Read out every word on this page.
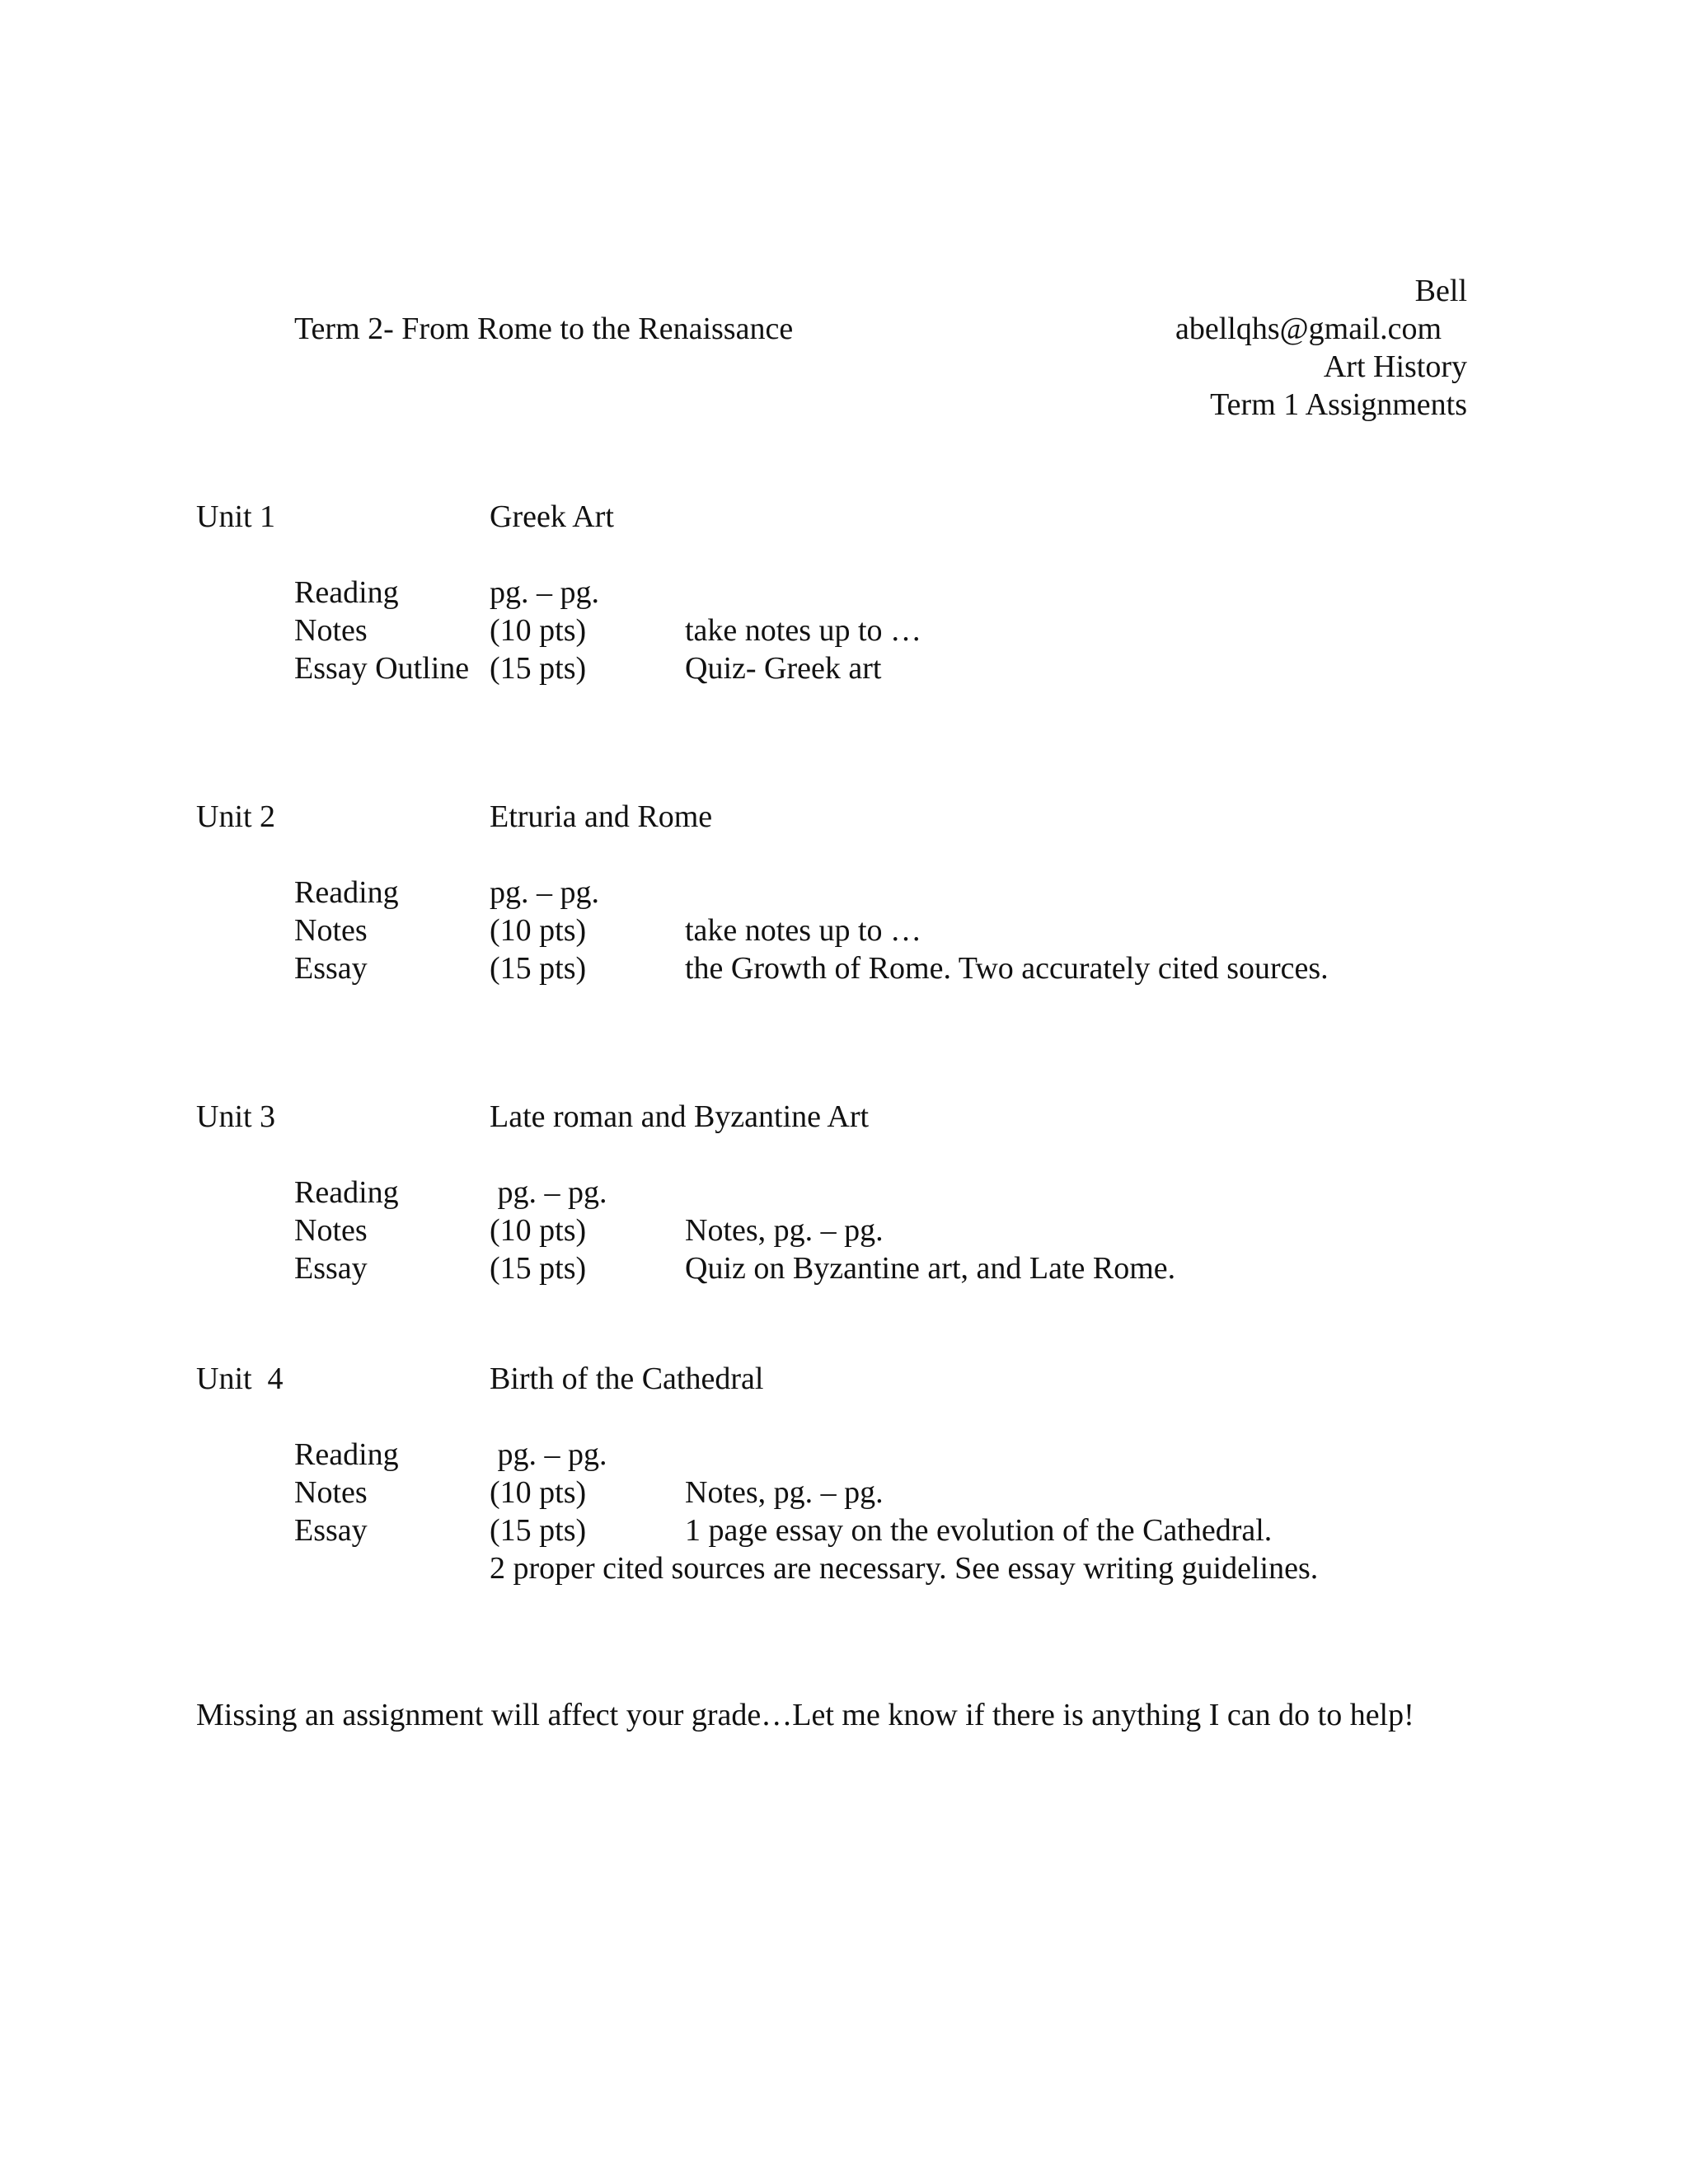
Term 2- From Rome to the Renaissance
Bell
abellqhs@gmail.com
Art History
Term 1 Assignments
Unit 1	Greek Art
Reading	pg. – pg.
Notes	(10 pts)	take notes up to …
Essay Outline (15 pts)	Quiz- Greek art
Unit 2	Etruria and Rome
Reading	pg. – pg.
Notes	(10 pts)	take notes up to …
Essay	(15 pts)	the Growth of Rome. Two accurately cited sources.
Unit 3	Late roman and Byzantine Art
Reading	pg. – pg.
Notes	(10 pts)	Notes, pg. – pg.
Essay	(15 pts)	Quiz on Byzantine art, and Late Rome.
Unit  4	Birth of the Cathedral
Reading	pg. – pg.
Notes	(10 pts)	Notes, pg. – pg.
Essay	(15 pts)	1 page essay on the evolution of the Cathedral.
2 proper cited sources are necessary. See essay writing guidelines.
Missing an assignment will affect your grade…Let me know if there is anything I can do to help!
